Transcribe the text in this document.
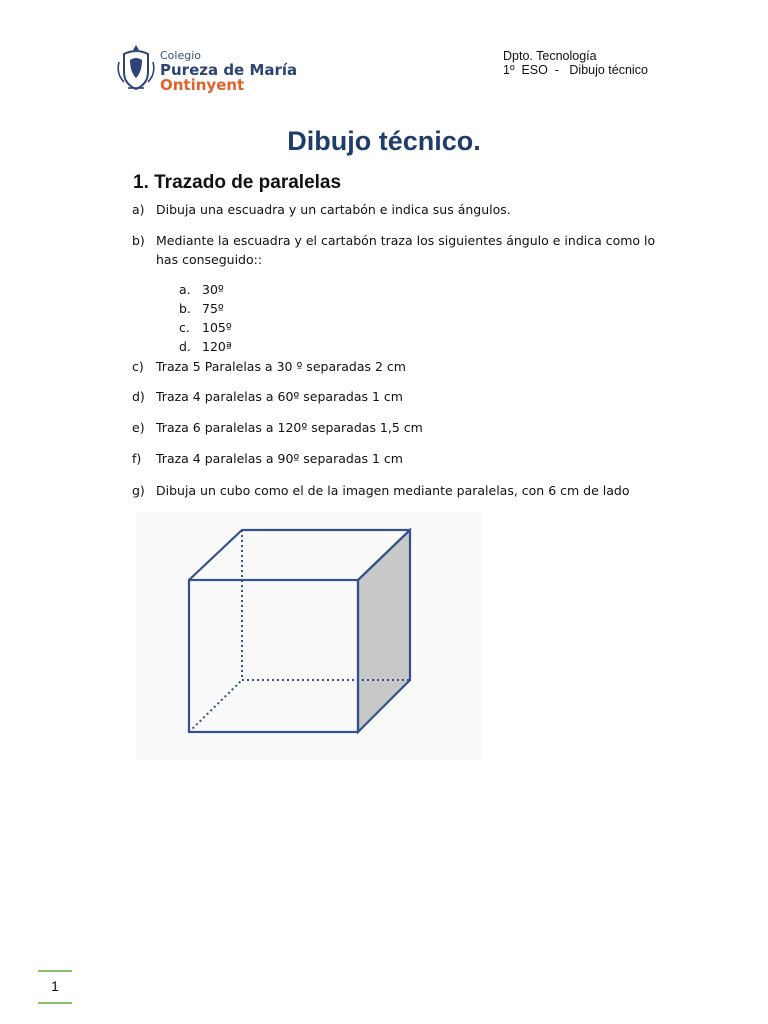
Colegio
Pureza de María
Ontinyent
Dpto. Tecnología
1º  ESO  -   Dibujo técnico
Dibujo técnico.
1. Trazado de paralelas
a) Dibuja una escuadra y un cartabón e indica sus ángulos.
b) Mediante la escuadra y el cartabón traza los siguientes ángulo e indica como lo has conseguido::
a. 30º
b. 75º
c. 105º
d. 120ª
c) Traza 5 Paralelas a 30 º separadas 2 cm
d) Traza 4 paralelas a 60º separadas 1 cm
e) Traza 6 paralelas a 120º separadas 1,5 cm
f) Traza 4 paralelas a 90º separadas 1 cm
g) Dibuja un cubo como el de la imagen mediante paralelas, con 6 cm de lado
1
